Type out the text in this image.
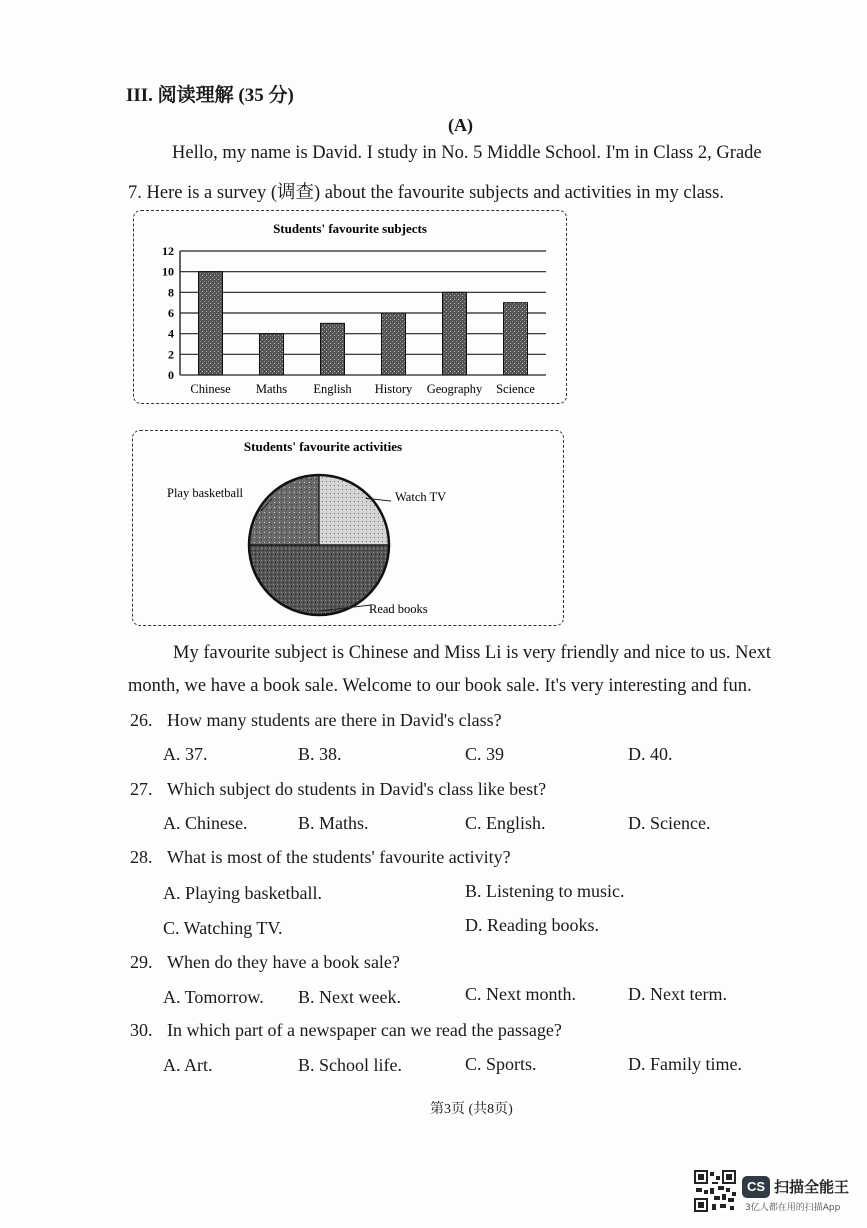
III. 阅读理解 (35 分)
(A)
Hello, my name is David. I study in No. 5 Middle School. I'm in Class 2, Grade
7. Here is a survey (调查) about the favourite subjects and activities in my class.
Students' favourite subjects
0
2
4
6
8
10
12
Chinese Maths English History Geography Science
Students' favourite activities
Play basketball	Watch TV
Read books
My favourite subject is Chinese and Miss Li is very friendly and nice to us. Next
month, we have a book sale. Welcome to our book sale. It's very interesting and fun.
26. How many students are there in David's class?
A. 37.	B. 38.	C. 39	D. 40.
27. Which subject do students in David's class like best?
A. Chinese.	B. Maths.	C. English.	D. Science.
28. What is most of the students' favourite activity?
A. Playing basketball.	B. Listening to music.
C. Watching TV.	D. Reading books.
29. When do they have a book sale?
A. Tomorrow. B. Next week.	C. Next month.	D. Next term.
30. In which part of a newspaper can we read the passage?
A. Art.	B. School life.	C. Sports.	D. Family time.
第3页 (共8页)
CS 扫描全能王
3亿人都在用的扫描App
